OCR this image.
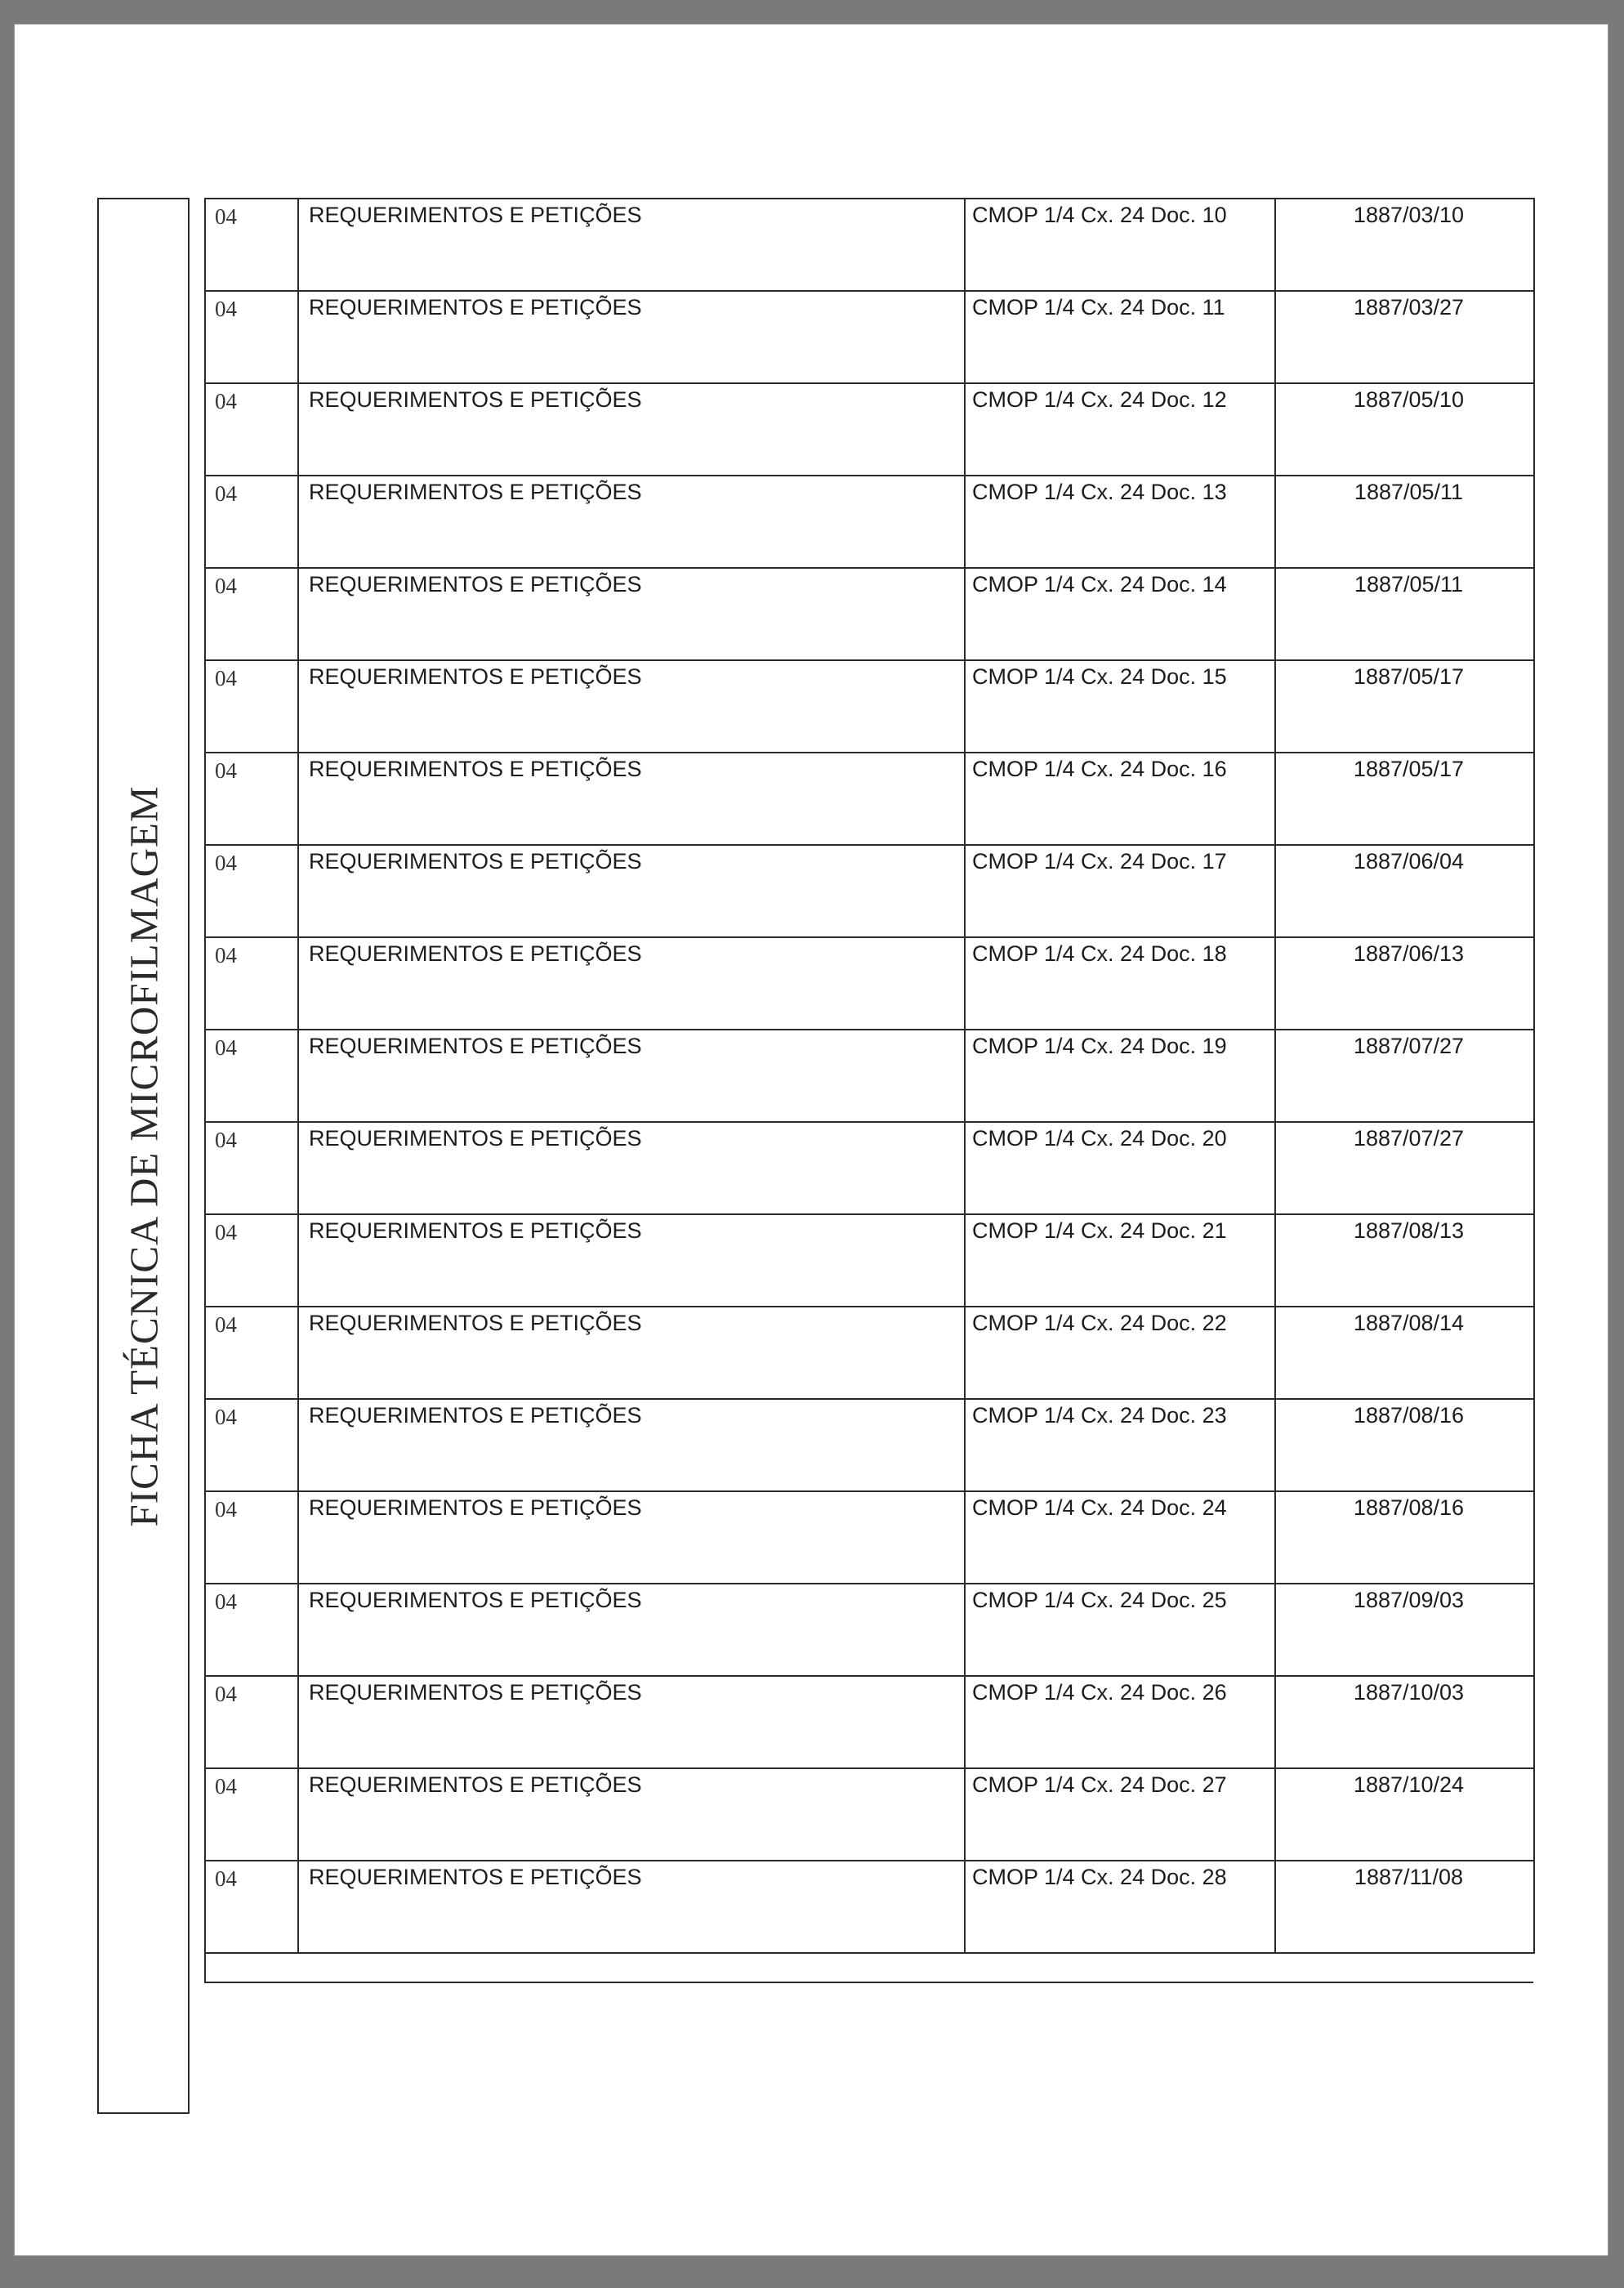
FICHA TÉCNICA DE MICROFILMAGEM
04	REQUERIMENTOS E PETIÇÕES	CMOP 1/4 Cx. 24 Doc. 10	1887/03/10

04	REQUERIMENTOS E PETIÇÕES	CMOP 1/4 Cx. 24 Doc. 11	1887/03/27

04	REQUERIMENTOS E PETIÇÕES	CMOP 1/4 Cx. 24 Doc. 12	1887/05/10

04	REQUERIMENTOS E PETIÇÕES	CMOP 1/4 Cx. 24 Doc. 13	1887/05/11

04	REQUERIMENTOS E PETIÇÕES	CMOP 1/4 Cx. 24 Doc. 14	1887/05/11

04	REQUERIMENTOS E PETIÇÕES	CMOP 1/4 Cx. 24 Doc. 15	1887/05/17

04	REQUERIMENTOS E PETIÇÕES	CMOP 1/4 Cx. 24 Doc. 16	1887/05/17

04	REQUERIMENTOS E PETIÇÕES	CMOP 1/4 Cx. 24 Doc. 17	1887/06/04

04	REQUERIMENTOS E PETIÇÕES	CMOP 1/4 Cx. 24 Doc. 18	1887/06/13

04	REQUERIMENTOS E PETIÇÕES	CMOP 1/4 Cx. 24 Doc. 19	1887/07/27

04	REQUERIMENTOS E PETIÇÕES	CMOP 1/4 Cx. 24 Doc. 20	1887/07/27

04	REQUERIMENTOS E PETIÇÕES	CMOP 1/4 Cx. 24 Doc. 21	1887/08/13

04	REQUERIMENTOS E PETIÇÕES	CMOP 1/4 Cx. 24 Doc. 22	1887/08/14

04	REQUERIMENTOS E PETIÇÕES	CMOP 1/4 Cx. 24 Doc. 23	1887/08/16

04	REQUERIMENTOS E PETIÇÕES	CMOP 1/4 Cx. 24 Doc. 24	1887/08/16

04	REQUERIMENTOS E PETIÇÕES	CMOP 1/4 Cx. 24 Doc. 25	1887/09/03

04	REQUERIMENTOS E PETIÇÕES	CMOP 1/4 Cx. 24 Doc. 26	1887/10/03

04	REQUERIMENTOS E PETIÇÕES	CMOP 1/4 Cx. 24 Doc. 27	1887/10/24

04	REQUERIMENTOS E PETIÇÕES	CMOP 1/4 Cx. 24 Doc. 28	1887/11/08
